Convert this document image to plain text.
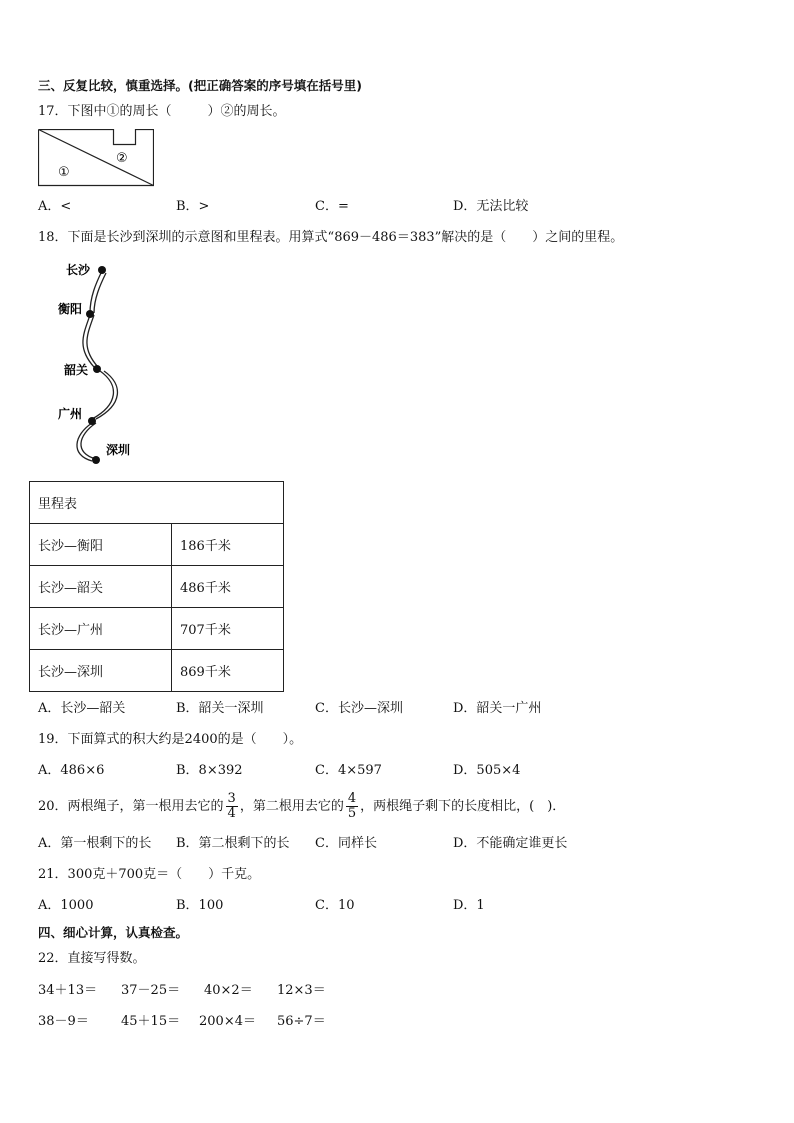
三、反复比较，慎重选择。(把正确答案的序号填在括号里)
17．下图中①的周长（	）②的周长。
①
②
A．<	B．>	C．=	D．无法比较
18．下面是长沙到深圳的示意图和里程表。用算式“869－486＝383”解决的是（　　）之间的里程。
长沙
衡阳
韶关
广州
深圳
里程表	
长沙—衡阳	186千米
长沙—韶关	486千米
长沙—广州	707千米
长沙—深圳	869千米
A．长沙—韶关	B．韶关一深圳	C．长沙—深圳	D．韶关一广州
19．下面算式的积大约是2400的是（　　）。
A．486×6	B．8×392	C．4×597	D．505×4
20．两根绳子，第一根用去它的 $\frac{3}{4}$ ，第二根用去它的 $\frac{4}{5}$ ，两根绳子剩下的长度相比，(　)．
A．第一根剩下的长 B．第二根剩下的长 C．同样长	D．不能确定谁更长
21．300克＋700克＝（　　）千克。
A．1000	B．100	C．10	D．1
四、细心计算，认真检查。
22．直接写得数。
34＋13＝ 37－25＝ 40×2＝ 12×3＝
38－9＝ 45＋15＝ 200×4＝ 56÷7＝
